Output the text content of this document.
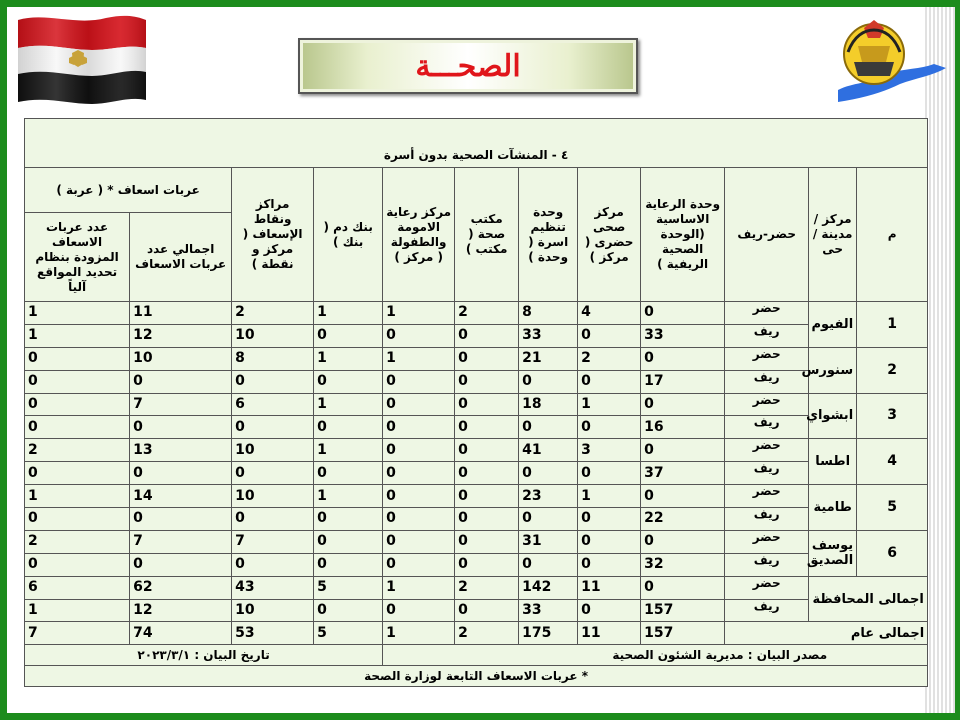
الصحـــة
٤ - المنشآت الصحية بدون أسرة											
م	مركز / مدينة / حى	حضر-ريف	وحدة الرعاية الاساسية (الوحدة الصحية الريفية )	مركز صحى حضرى ( مركز )	وحدة تنظيم اسرة ( وحدة )	مكتب صحة ( مكتب )	مركز رعاية الامومة والطفولة ( مركز )	بنك دم ( بنك )	مراكز ونقاط الإسعاف ( مركز و نقطة )	عربات اسعاف * ( عربة )	
										اجمالي عدد عربات الاسعاف	عدد عربات الاسعاف المزودة بنظام تحديد المواقع آلياً
1	الفيوم	حضر	0	4	8	2	1	1	2	11	1
		ريف	33	0	33	0	0	0	10	12	1
2	سنورس	حضر	0	2	21	0	1	1	8	10	0
		ريف	17	0	0	0	0	0	0	0	0
3	ابشواي	حضر	0	1	18	0	0	1	6	7	0
		ريف	16	0	0	0	0	0	0	0	0
4	اطسا	حضر	0	3	41	0	0	1	10	13	2
		ريف	37	0	0	0	0	0	0	0	0
5	طامية	حضر	0	1	23	0	0	1	10	14	1
		ريف	22	0	0	0	0	0	0	0	0
6	يوسف الصديق	حضر	0	0	31	0	0	0	7	7	2
		ريف	32	0	0	0	0	0	0	0	0
اجمالى المحافظة		حضر	0	11	142	2	1	5	43	62	6
		ريف	157	0	33	0	0	0	10	12	1
اجمالى عام			157	11	175	2	1	5	53	74	7
مصدر البيان : مديرية الشئون الصحية								تاريخ البيان : ٢٠٢٣/٣/١			
* عربات الاسعاف التابعة لوزارة الصحة											
